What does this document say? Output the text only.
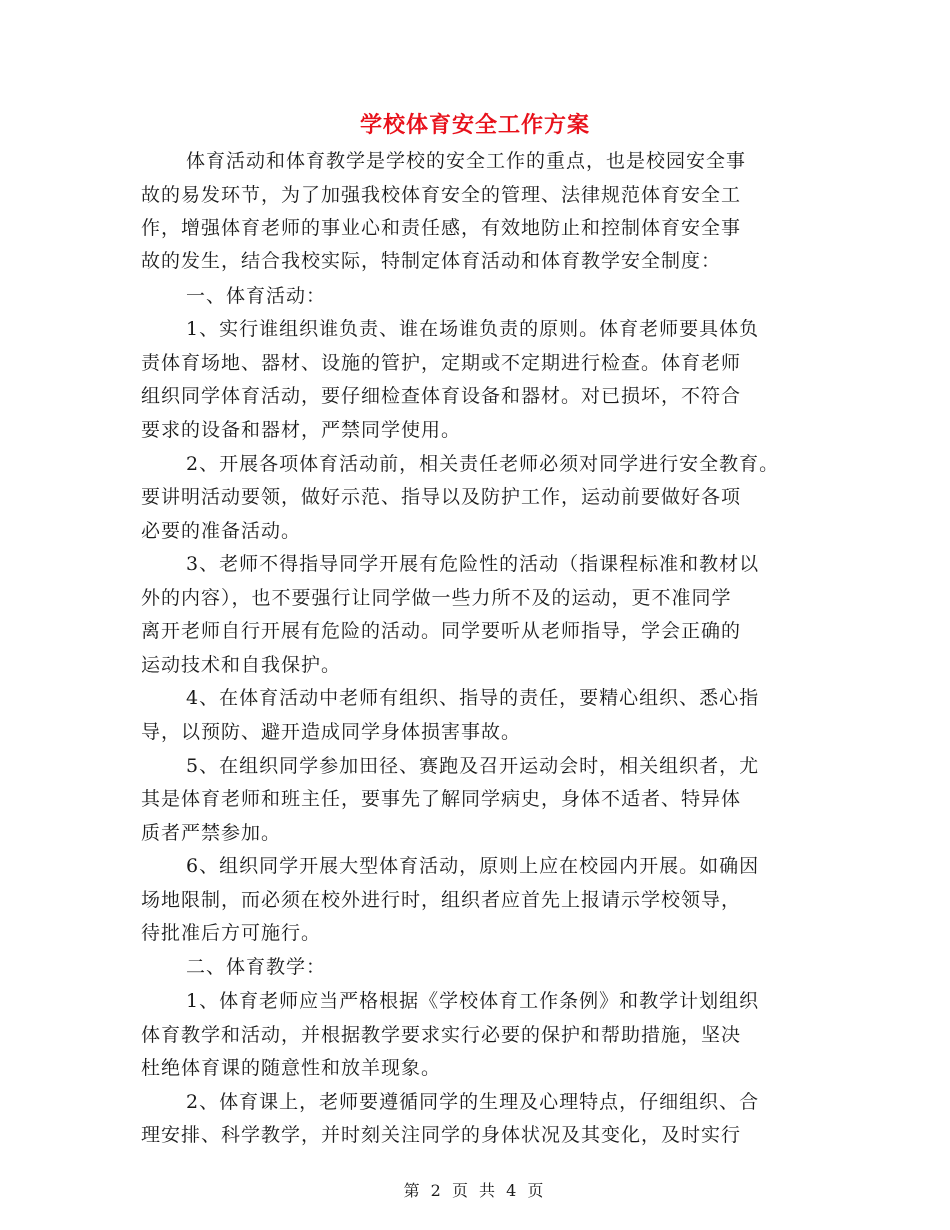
学校体育安全工作方案
体育活动和体育教学是学校的安全工作的重点，也是校园安全事
故的易发环节，为了加强我校体育安全的管理、法律规范体育安全工
作，增强体育老师的事业心和责任感，有效地防止和控制体育安全事
故的发生，结合我校实际，特制定体育活动和体育教学安全制度：
一、体育活动：
1、实行谁组织谁负责、谁在场谁负责的原则。体育老师要具体负
责体育场地、器材、设施的管护，定期或不定期进行检查。体育老师
组织同学体育活动，要仔细检查体育设备和器材。对已损坏，不符合
要求的设备和器材，严禁同学使用。
2、开展各项体育活动前，相关责任老师必须对同学进行安全教育。
要讲明活动要领，做好示范、指导以及防护工作，运动前要做好各项
必要的准备活动。
3、老师不得指导同学开展有危险性的活动（指课程标准和教材以
外的内容），也不要强行让同学做一些力所不及的运动，更不准同学
离开老师自行开展有危险的活动。同学要听从老师指导，学会正确的
运动技术和自我保护。
4、在体育活动中老师有组织、指导的责任，要精心组织、悉心指
导，以预防、避开造成同学身体损害事故。
5、在组织同学参加田径、赛跑及召开运动会时，相关组织者，尤
其是体育老师和班主任，要事先了解同学病史，身体不适者、特异体
质者严禁参加。
6、组织同学开展大型体育活动，原则上应在校园内开展。如确因
场地限制，而必须在校外进行时，组织者应首先上报请示学校领导，
待批准后方可施行。
二、体育教学：
1、体育老师应当严格根据《学校体育工作条例》和教学计划组织
体育教学和活动，并根据教学要求实行必要的保护和帮助措施，坚决
杜绝体育课的随意性和放羊现象。
2、体育课上，老师要遵循同学的生理及心理特点，仔细组织、合
理安排、科学教学，并时刻关注同学的身体状况及其变化，及时实行
第 2 页 共 4 页
